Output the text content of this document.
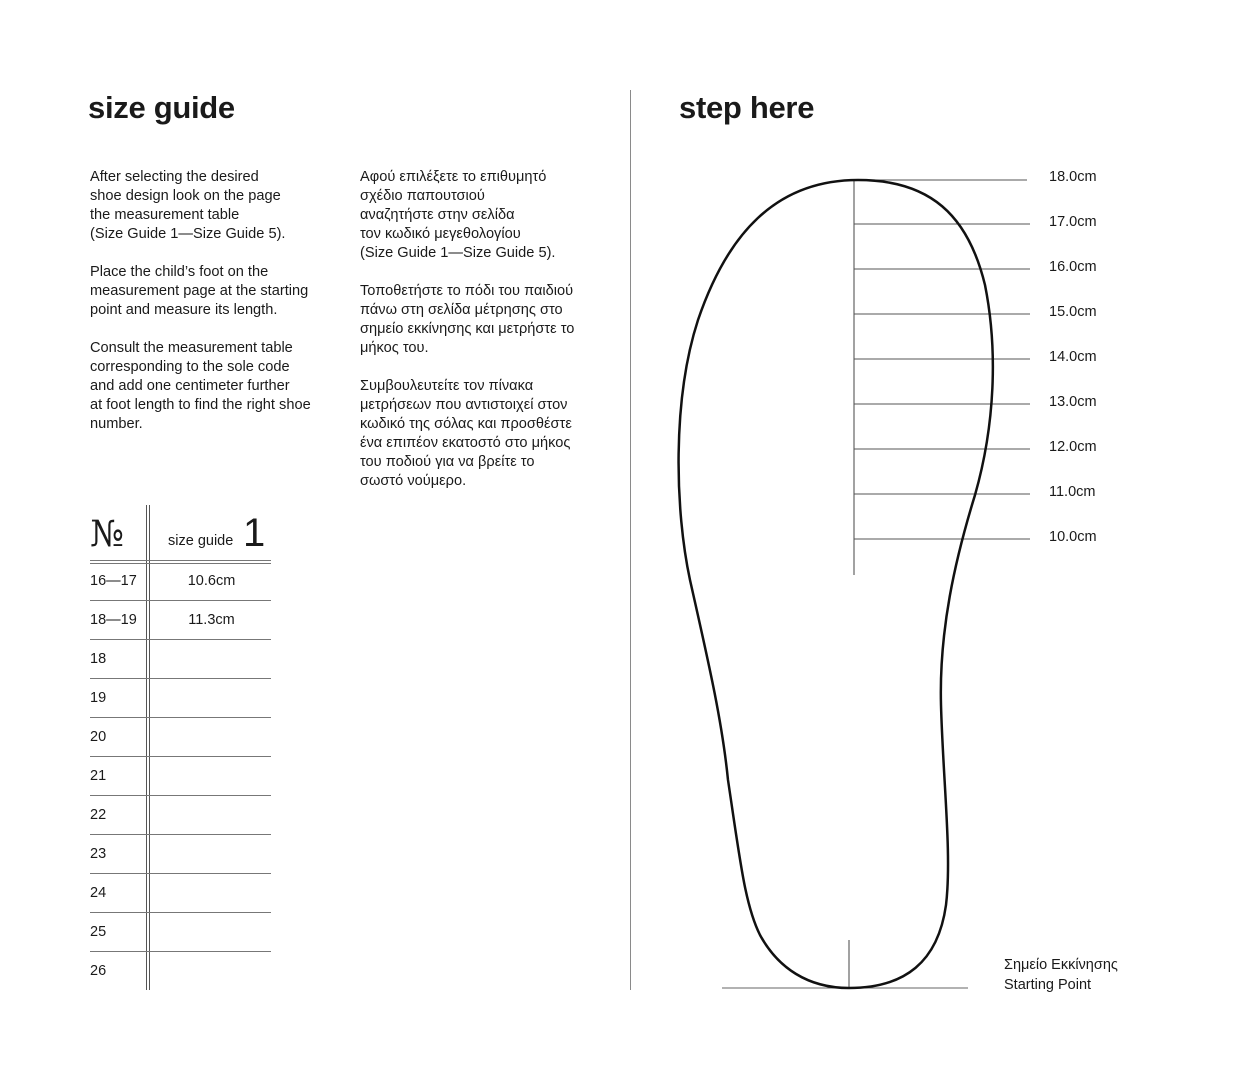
size guide
After selecting the desired
shoe design look on the page
the measurement table
(Size Guide 1—Size Guide 5).
Place the child’s foot on the
measurement page at the starting
point and measure its length.
Consult the measurement table
corresponding to the sole code
and add one centimeter further
at foot length to find the right shoe
number.
Αφού επιλέξετε το επιθυμητό
σχέδιο παπουτσιού
αναζητήστε στην σελίδα
τον κωδικό μεγεθολογίου
(Size Guide 1—Size Guide 5).
Τοποθετήστε το πόδι του παιδιού
πάνω στη σελίδα μέτρησης στο
σημείο εκκίνησης και μετρήστε το
μήκος του.
Συμβουλευτείτε τον πίνακα
μετρήσεων που αντιστοιχεί στον
κωδικό της σόλας και προσθέστε
ένα επιπέον εκατοστό στο μήκος
του ποδιού για να βρείτε το
σωστό νούμερο.
№	size guide 1
16—17	10.6cm
18—19	11.3cm
18
19
20
21
22
23
24
25
26
step here
18.0cm
17.0cm
16.0cm
15.0cm
14.0cm
13.0cm
12.0cm
11.0cm
10.0cm
Σημείο Εκκίνησης
Starting Point
